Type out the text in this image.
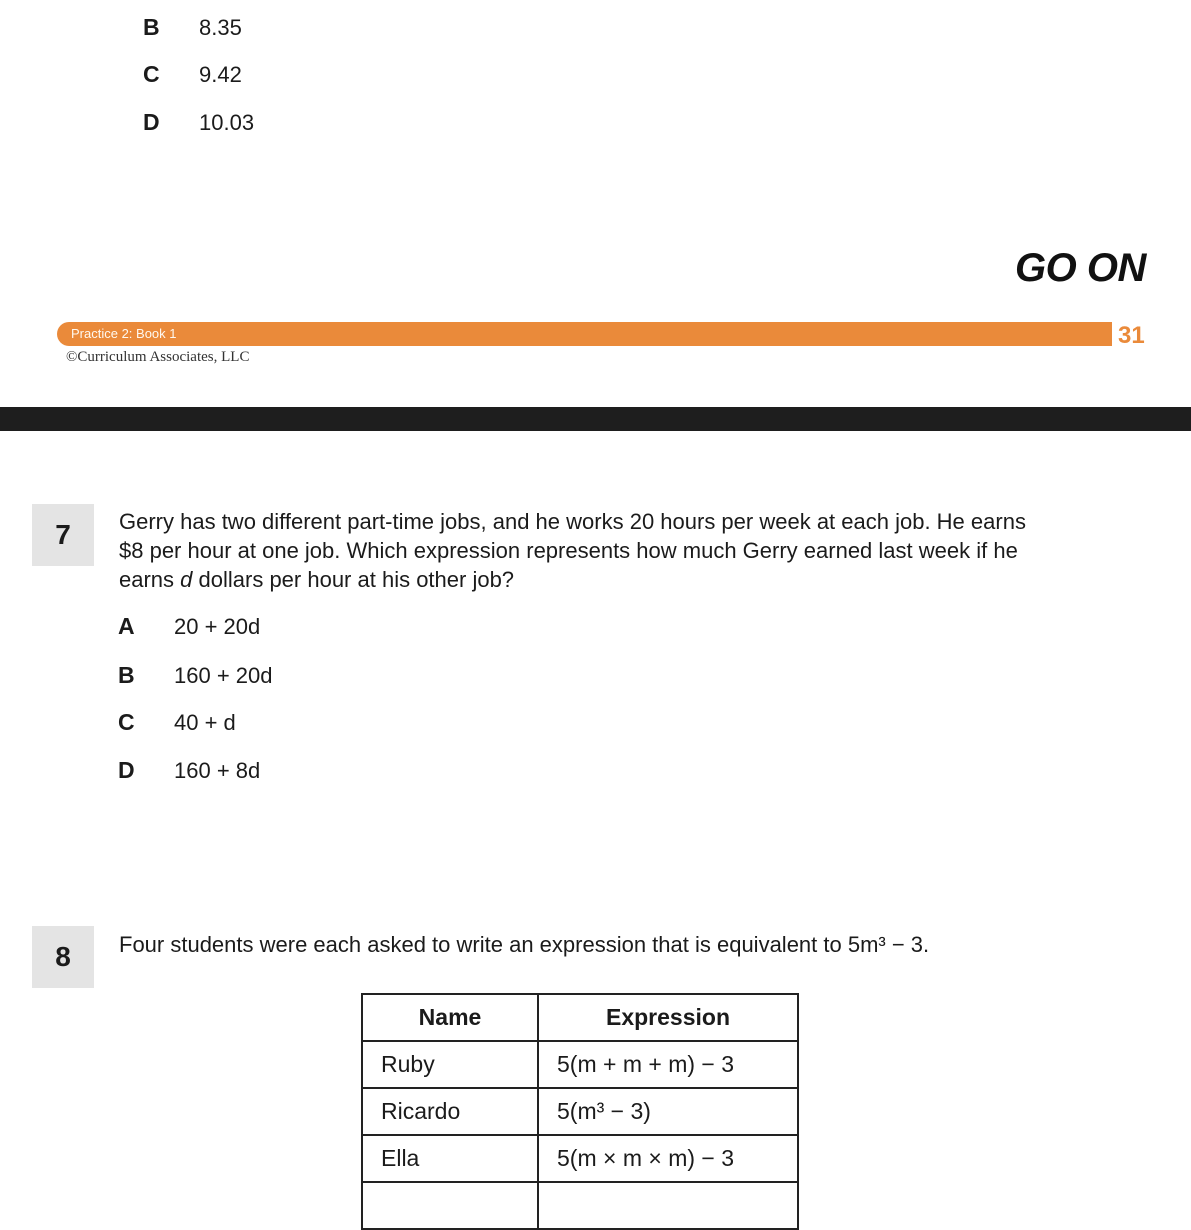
B 8.35
C 9.42
D 10.03
GO ON
Practice 2: Book 1	31
©Curriculum Associates, LLC
7	Gerry has two different part-time jobs, and he works 20 hours per week at each job. He earns
$8 per hour at one job. Which expression represents how much Gerry earned last week if he
earns d dollars per hour at his other job?
A 20 + 20d
B 160 + 20d
C 40 + d
D 160 + 8d
8	Four students were each asked to write an expression that is equivalent to 5m³ − 3.
Name	Expression
Ruby	5(m + m + m) − 3
Ricardo	5(m³ − 3)
Ella	5(m × m × m) − 3
